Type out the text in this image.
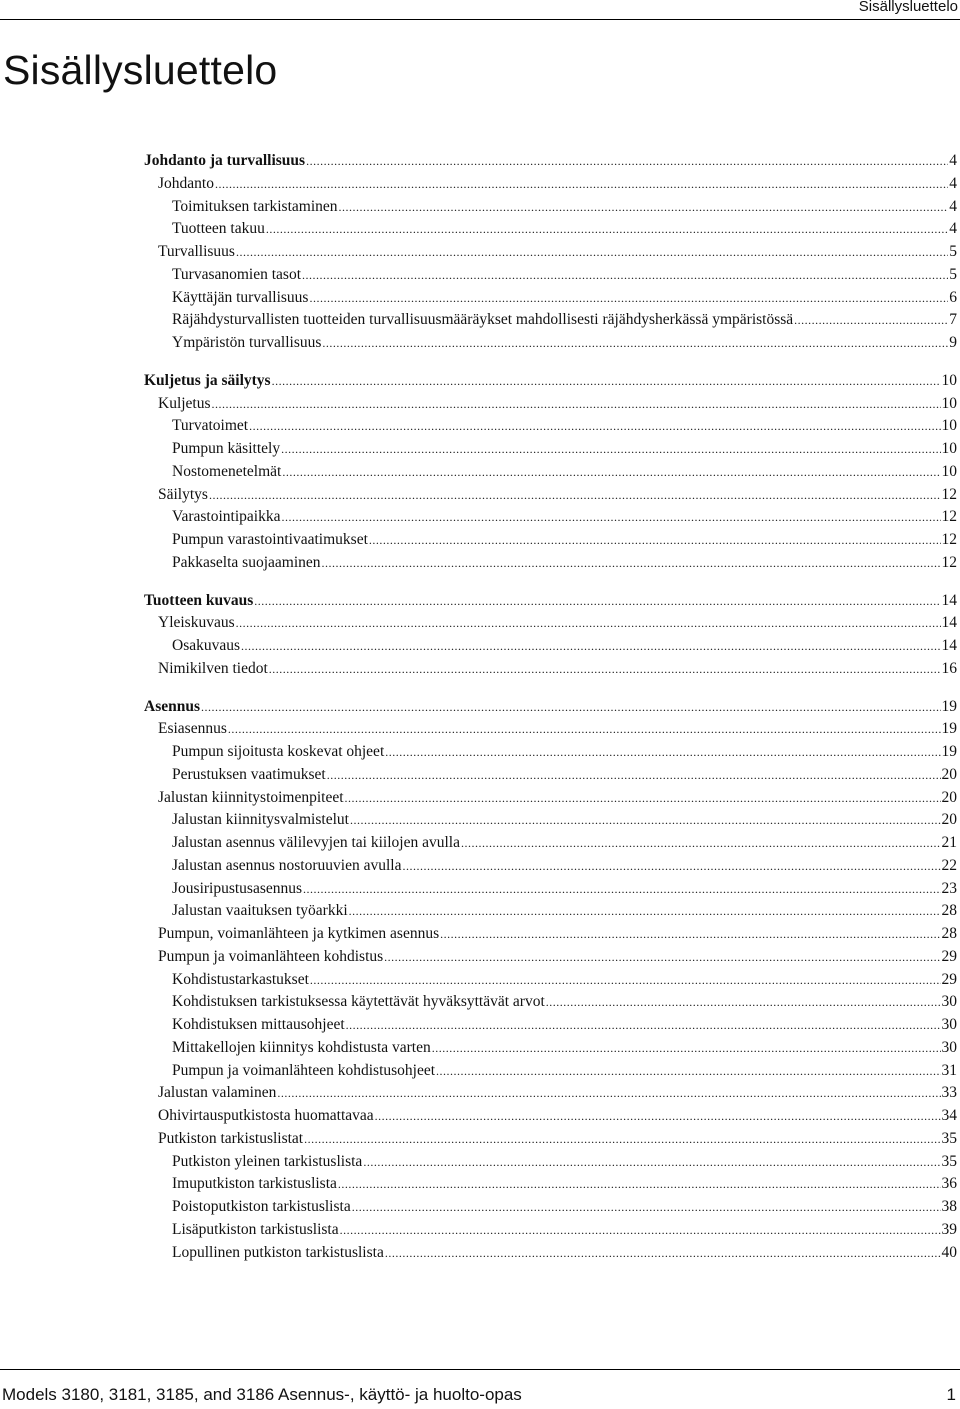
Sisällysluettelo
Sisällysluettelo
Johdanto ja turvallisuus .....	4
Johdanto .....	4
Toimituksen tarkistaminen .....	4
Tuotteen takuu .....	4
Turvallisuus .....	5
Turvasanomien tasot .....	5
Käyttäjän turvallisuus .....	6
Räjähdysturvallisten tuotteiden turvallisuusmääräykset mahdollisesti räjähdysherkässä ympäristössä .....	7
Ympäristön turvallisuus .....	9
Kuljetus ja säilytys .....	10
Kuljetus .....	10
Turvatoimet .....	10
Pumpun käsittely .....	10
Nostomenetelmät .....	10
Säilytys .....	12
Varastointipaikka .....	12
Pumpun varastointivaatimukset .....	12
Pakkaselta suojaaminen .....	12
Tuotteen kuvaus .....	14
Yleiskuvaus .....	14
Osakuvaus .....	14
Nimikilven tiedot .....	16
Asennus .....	19
Esiasennus .....	19
Pumpun sijoitusta koskevat ohjeet .....	19
Perustuksen vaatimukset .....	20
Jalustan kiinnitystoimenpiteet .....	20
Jalustan kiinnitysvalmistelut .....	20
Jalustan asennus välilevyjen tai kiilojen avulla .....	21
Jalustan asennus nostoruuvien avulla .....	22
Jousiripustusasennus .....	23
Jalustan vaaituksen työarkki .....	28
Pumpun, voimanlähteen ja kytkimen asennus .....	28
Pumpun ja voimanlähteen kohdistus .....	29
Kohdistustarkastukset .....	29
Kohdistuksen tarkistuksessa käytettävät hyväksyttävät arvot .....	30
Kohdistuksen mittausohjeet .....	30
Mittakellojen kiinnitys kohdistusta varten .....	30
Pumpun ja voimanlähteen kohdistusohjeet .....	31
Jalustan valaminen .....	33
Ohivirtausputkistosta huomattavaa .....	34
Putkiston tarkistuslistat .....	35
Putkiston yleinen tarkistuslista .....	35
Imuputkiston tarkistuslista .....	36
Poistoputkiston tarkistuslista .....	38
Lisäputkiston tarkistuslista .....	39
Lopullinen putkiston tarkistuslista .....	40
Models 3180, 3181, 3185, and 3186 Asennus-, käyttö- ja huolto-opas	1
